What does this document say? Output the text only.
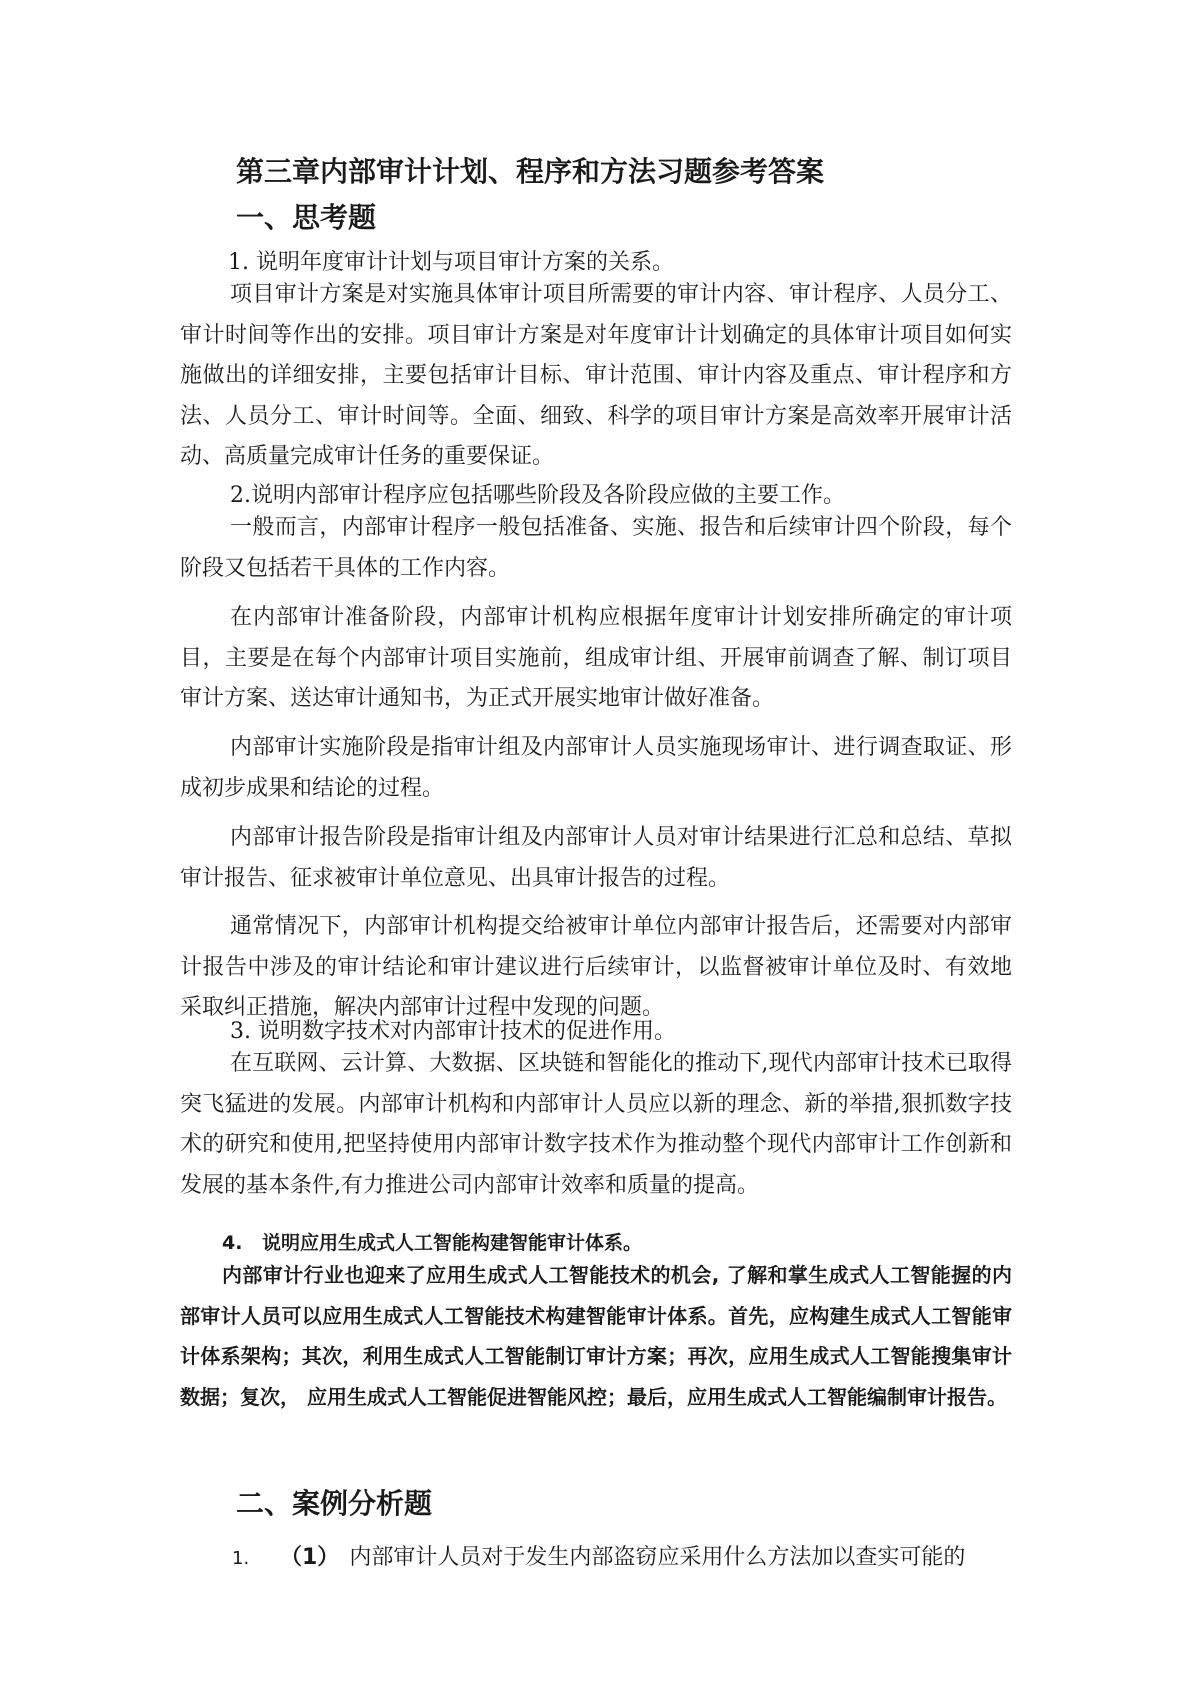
第三章内部审计计划、程序和方法习题参考答案
一、思考题
1. 说明年度审计计划与项目审计方案的关系。

项目审计方案是对实施具体审计项目所需要的审计内容、审计程序、人员分工、审计时间等作出的安排。项目审计方案是对年度审计计划确定的具体审计项目如何实施做出的详细安排，主要包括审计目标、审计范围、审计内容及重点、审计程序和方法、人员分工、审计时间等。全面、细致、科学的项目审计方案是高效率开展审计活动、高质量完成审计任务的重要保证。

2.说明内部审计程序应包括哪些阶段及各阶段应做的主要工作。

一般而言，内部审计程序一般包括准备、实施、报告和后续审计四个阶段，每个阶段又包括若干具体的工作内容。

在内部审计准备阶段，内部审计机构应根据年度审计计划安排所确定的审计项目，主要是在每个内部审计项目实施前，组成审计组、开展审前调查了解、制订项目审计方案、送达审计通知书，为正式开展实地审计做好准备。

内部审计实施阶段是指审计组及内部审计人员实施现场审计、进行调查取证、形成初步成果和结论的过程。

内部审计报告阶段是指审计组及内部审计人员对审计结果进行汇总和总结、草拟审计报告、征求被审计单位意见、出具审计报告的过程。

通常情况下，内部审计机构提交给被审计单位内部审计报告后，还需要对内部审计报告中涉及的审计结论和审计建议进行后续审计，以监督被审计单位及时、有效地采取纠正措施，解决内部审计过程中发现的问题。

3. 说明数字技术对内部审计技术的促进作用。

在互联网、云计算、大数据、区块链和智能化的推动下,现代内部审计技术已取得突飞猛进的发展。内部审计机构和内部审计人员应以新的理念、新的举措,狠抓数字技术的研究和使用,把坚持使用内部审计数字技术作为推动整个现代内部审计工作创新和发展的基本条件,有力推进公司内部审计效率和质量的提高。

4. 说明应用生成式人工智能构建智能审计体系。

内部审计行业也迎来了应用生成式人工智能技术的机会, 了解和掌生成式人工智能握的内部审计人员可以应用生成式人工智能技术构建智能审计体系。首先，应构建生成式人工智能审计体系架构；其次，利用生成式人工智能制订审计方案；再次，应用生成式人工智能搜集审计数据；复次， 应用生成式人工智能促进智能风控；最后，应用生成式人工智能编制审计报告。

二、案例分析题
1. （1） 内部审计人员对于发生内部盗窃应采用什么方法加以查实可能的
